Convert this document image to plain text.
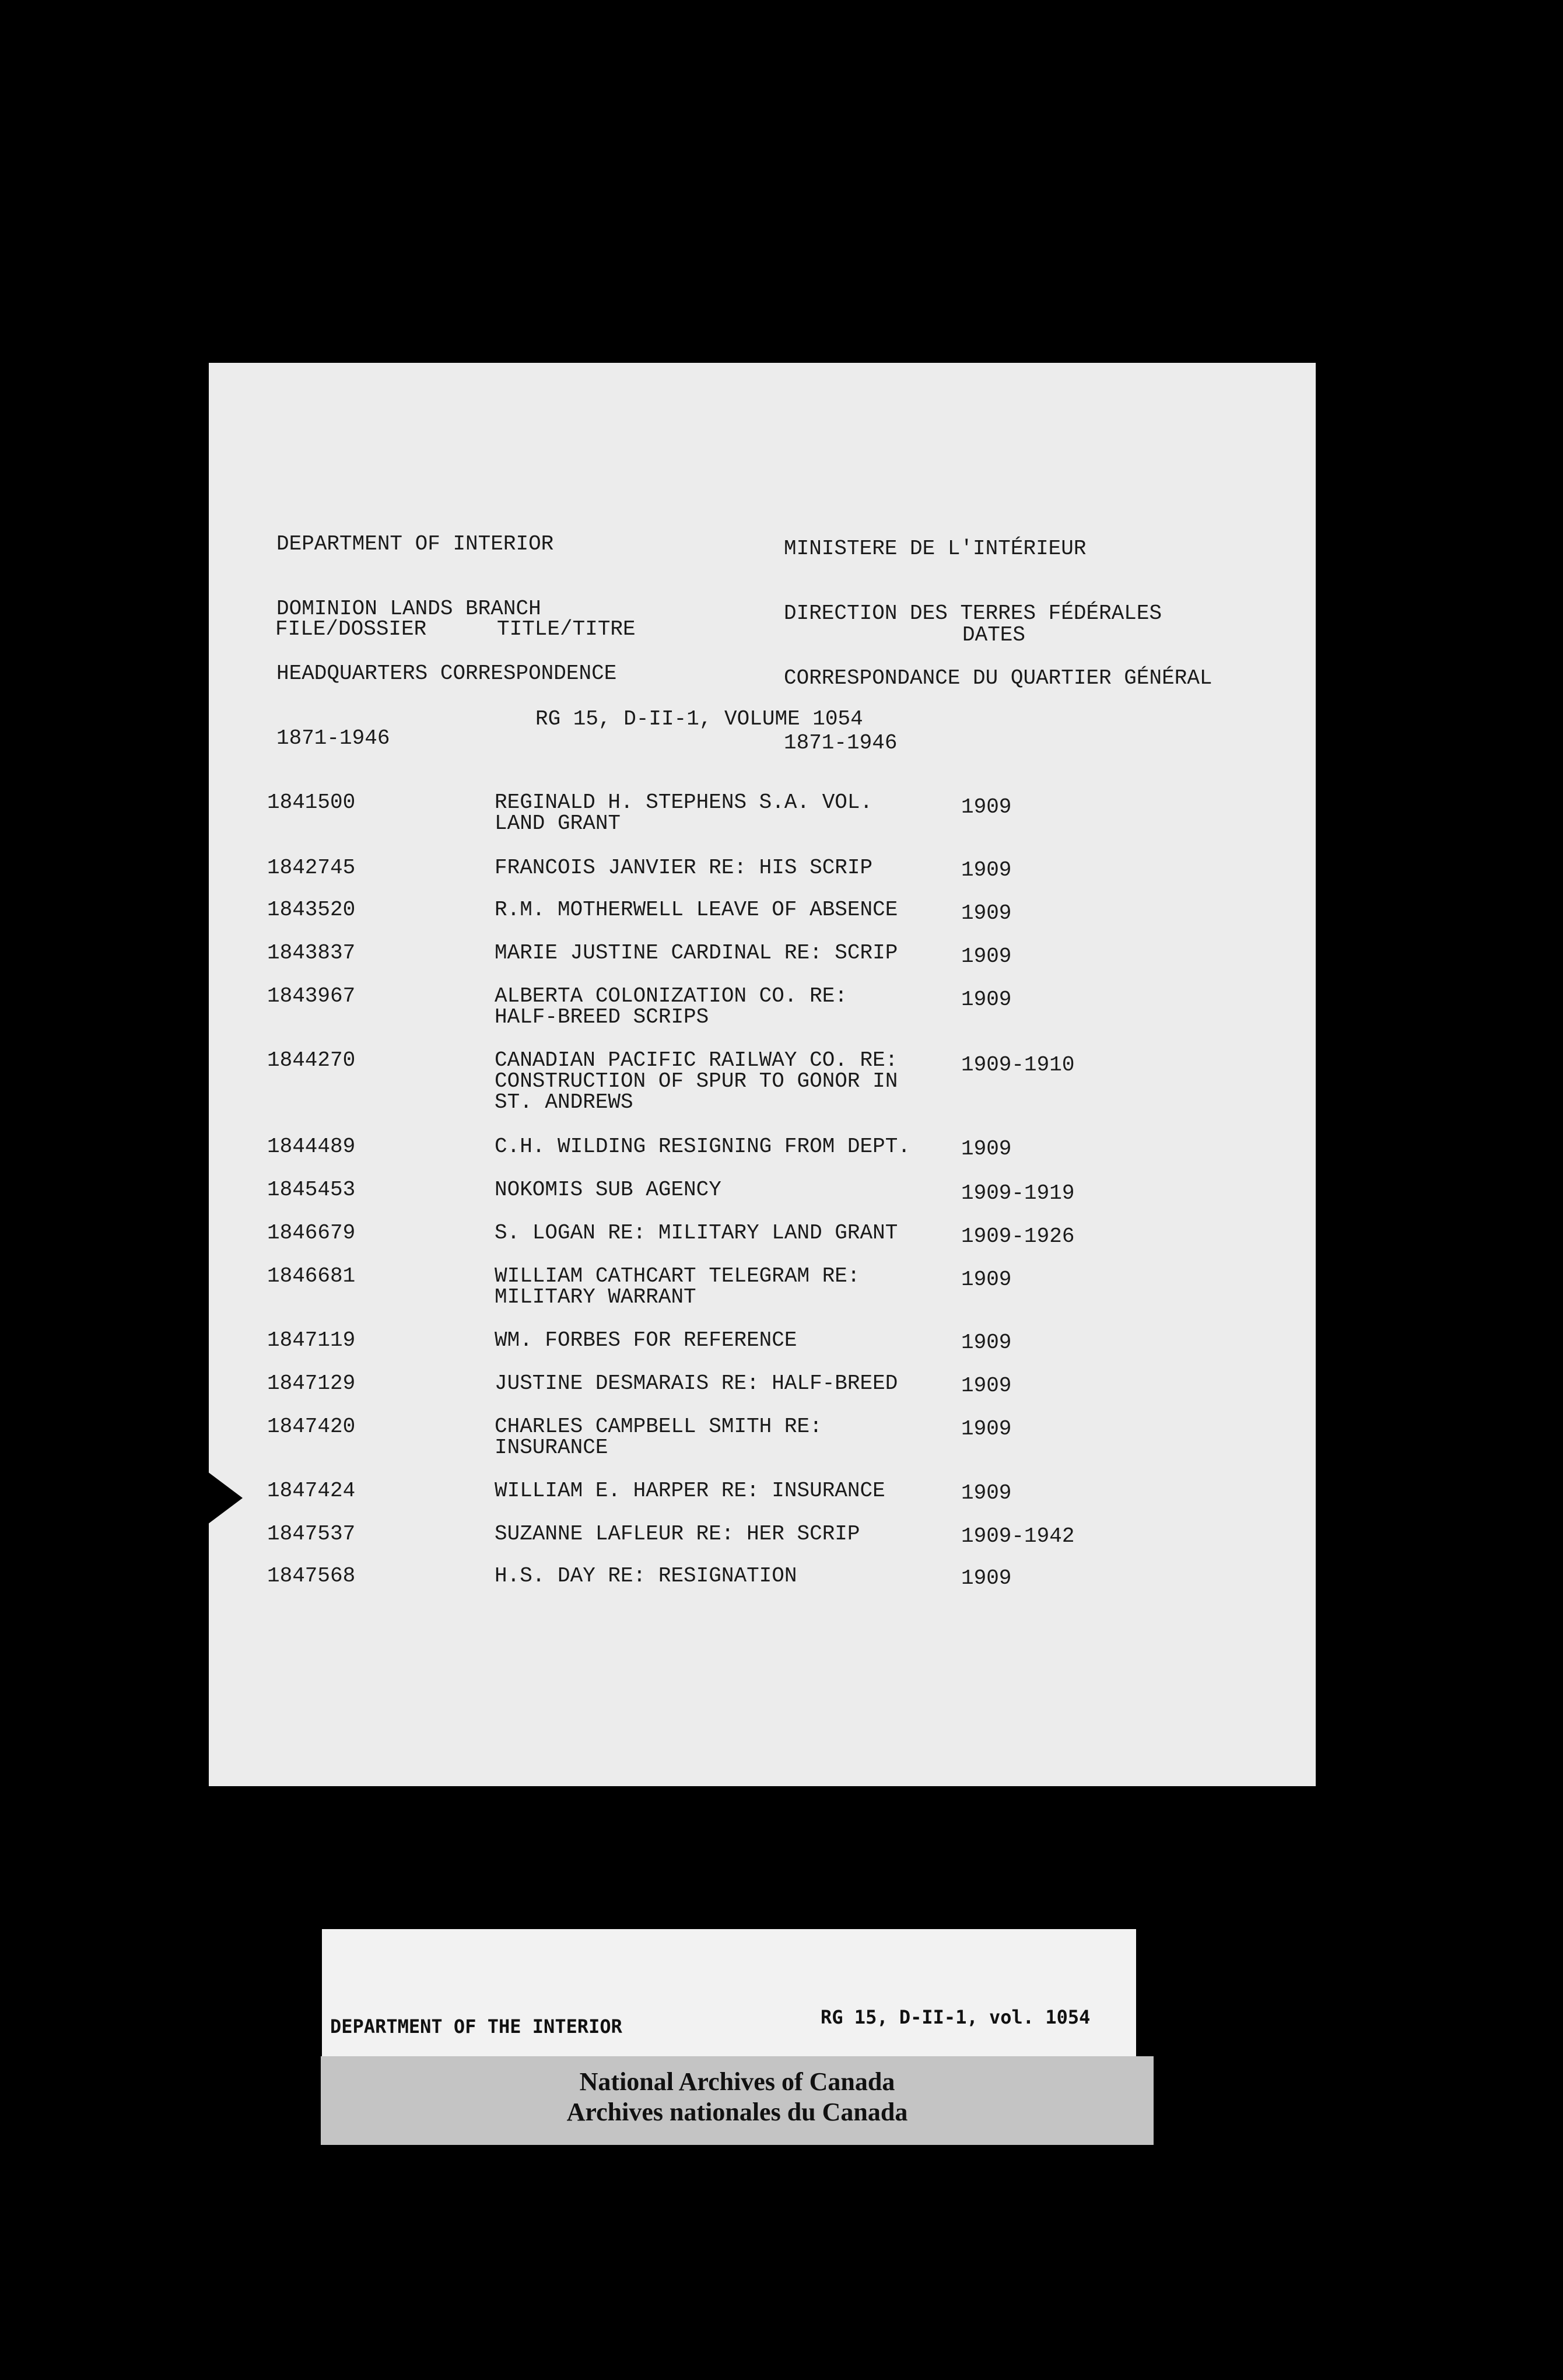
DEPARTMENT OF INTERIOR

DOMINION LANDS BRANCH

HEADQUARTERS CORRESPONDENCE

1871-1946

MINISTERE DE L'INTÉRIEUR

DIRECTION DES TERRES FÉDÉRALES

CORRESPONDANCE DU QUARTIER GÉNÉRAL

1871-1946

FILE/DOSSIER	TITLE/TITRE	DATES
RG 15, D-II-1, VOLUME 1054
1841500	REGINALD H. STEPHENS S.A. VOL.
LAND GRANT
1909
1842745	FRANCOIS JANVIER RE: HIS SCRIP	1909
1843520	R.M. MOTHERWELL LEAVE OF ABSENCE	1909
1843837	MARIE JUSTINE CARDINAL RE: SCRIP	1909
1843967	ALBERTA COLONIZATION CO. RE:
HALF-BREED SCRIPS
1909
1844270	CANADIAN PACIFIC RAILWAY CO. RE:
CONSTRUCTION OF SPUR TO GONOR IN
ST. ANDREWS
1909-1910
1844489	C.H. WILDING RESIGNING FROM DEPT.	1909
1845453	NOKOMIS SUB AGENCY	1909-1919
1846679	S. LOGAN RE: MILITARY LAND GRANT	1909-1926
1846681	WILLIAM CATHCART TELEGRAM RE:
MILITARY WARRANT
1909
1847119	WM. FORBES FOR REFERENCE	1909
1847129	JUSTINE DESMARAIS RE: HALF-BREED	1909
1847420	CHARLES CAMPBELL SMITH RE:
INSURANCE
1909
1847424	WILLIAM E. HARPER RE: INSURANCE	1909
1847537	SUZANNE LAFLEUR RE: HER SCRIP	1909-1942
1847568	H.S. DAY RE: RESIGNATION	1909

DEPARTMENT OF THE INTERIOR

	RG 15, D-II-1, vol. 1054

National Archives of Canada
Archives nationales du Canada
